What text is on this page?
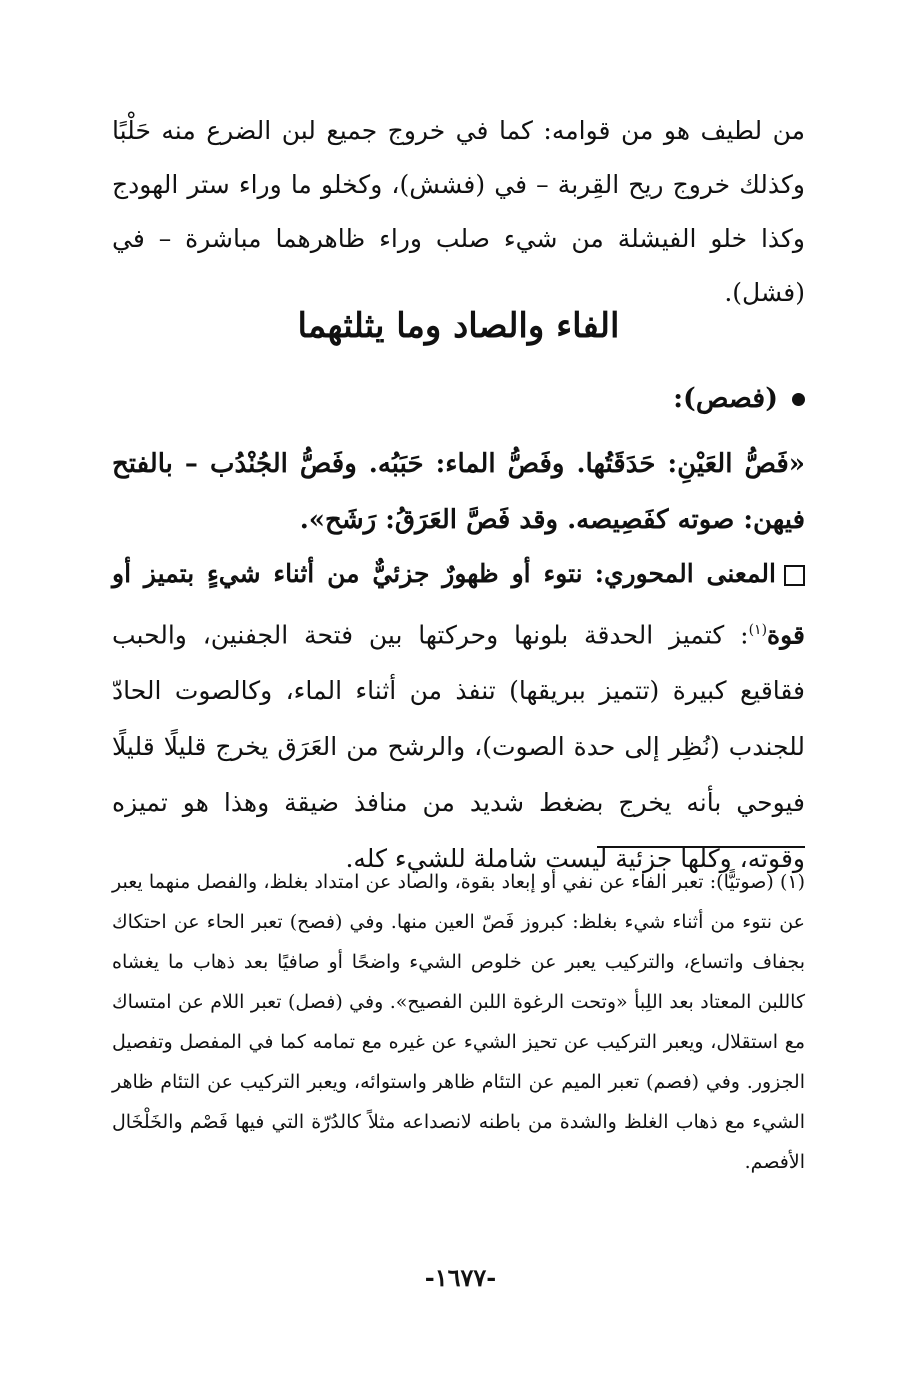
من لطيف هو من قوامه: كما في خروج جميع لبن الضرع منه حَلْبًا وكذلك خروج ريح القِربة – في (فشش)، وكخلو ما وراء ستر الهودج وكذا خلو الفيشلة من شيء صلب وراء ظاهرهما مباشرة – في (فشل).

الفاء والصاد وما يثلثهما
(فصص):

«فَصُّ العَيْنِ: حَدَقَتُها. وفَصُّ الماء: حَبَبُه. وفَصُّ الجُنْدُب – بالفتح فيهن: صوته كفَصِيصه. وقد فَصَّ العَرَقُ: رَشَح».

المعنى المحوري: نتوء أو ظهورٌ جزئيٌّ من أثناء شيءٍ بتميز أو قوة$^{(١)}$: كتميز الحدقة بلونها وحركتها بين فتحة الجفنين، والحبب فقاقيع كبيرة (تتميز ببريقها) تنفذ من أثناء الماء، وكالصوت الحادّ للجندب (نُظِر إلى حدة الصوت)، والرشح من العَرَق يخرج قليلًا قليلًا فيوحي بأنه يخرج بضغط شديد من منافذ ضيقة وهذا هو تميزه وقوته، وكلها جزئية ليست شاملة للشيء كله.
(١) (صوتيًّا): تعبر الفاء عن نفي أو إبعاد بقوة، والصاد عن امتداد بغلظ، والفصل منهما يعبر عن نتوء من أثناء شيء بغلظ: كبروز فَصّ العين منها. وفي (فصح) تعبر الحاء عن احتكاك بجفاف واتساع، والتركيب يعبر عن خلوص الشيء واضحًا أو صافيًا بعد ذهاب ما يغشاه كاللبن المعتاد بعد اللِبأ «وتحت الرغوة اللبن الفصيح». وفي (فصل) تعبر اللام عن امتساك مع استقلال، ويعبر التركيب عن تحيز الشيء عن غيره مع تمامه كما في المفصل وتفصيل الجزور. وفي (فصم) تعبر الميم عن التئام ظاهر واستوائه، ويعبر التركيب عن التئام ظاهر الشيء مع ذهاب الغلظ والشدة من باطنه لانصداعه مثلاً كالدُرّة التي فيها فَصْم والخَلْخَال الأفصم.
-١٦٧٧-
